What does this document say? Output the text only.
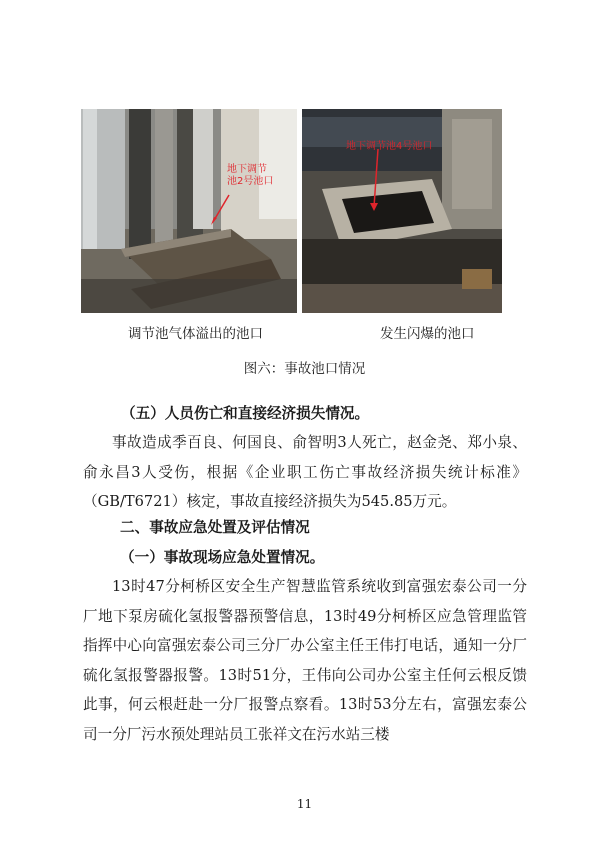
地下调节
池2号池口
地下调节池4号池口
调节池气体溢出的池口	发生闪爆的池口
图六：事故池口情况
（五）人员伤亡和直接经济损失情况。

事故造成季百良、何国良、俞智明3人死亡，赵金尧、郑小泉、俞永昌3人受伤，根据《企业职工伤亡事故经济损失统计标准》（GB/T6721）核定，事故直接经济损失为545.85万元。

二、事故应急处置及评估情况
（一）事故现场应急处置情况。

13时47分柯桥区安全生产智慧监管系统收到富强宏泰公司一分厂地下泵房硫化氢报警器预警信息，13时49分柯桥区应急管理监管指挥中心向富强宏泰公司三分厂办公室主任王伟打电话，通知一分厂硫化氢报警器报警。13时51分，王伟向公司办公室主任何云根反馈此事，何云根赶赴一分厂报警点察看。13时53分左右，富强宏泰公司一分厂污水预处理站员工张祥文在污水站三楼

11
